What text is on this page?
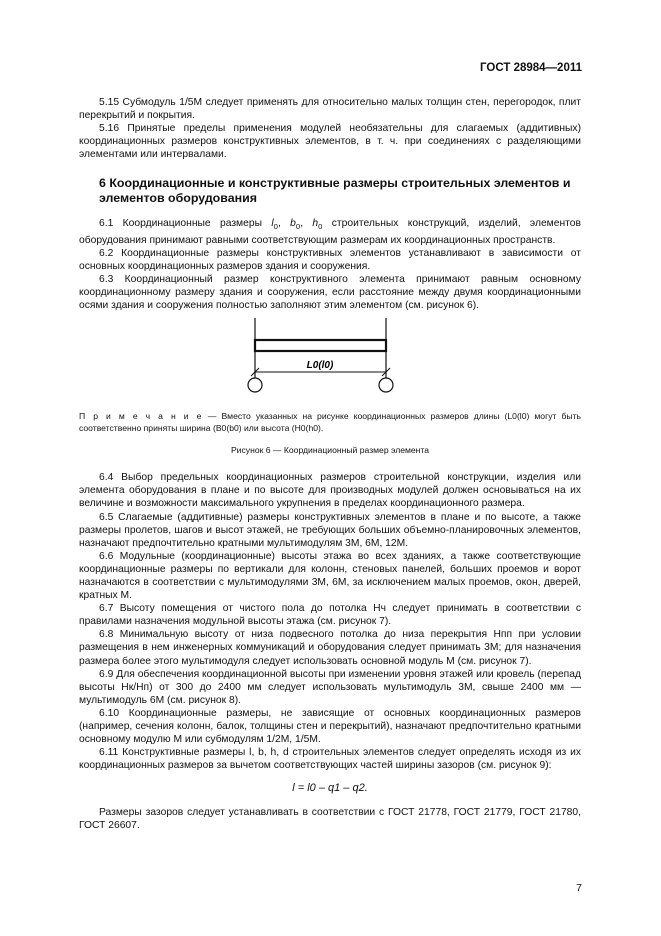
ГОСТ 28984—2011

5.15 Субмодуль 1/5М следует применять для относительно малых толщин стен, перегородок, плит перекрытий и покрытия.

5.16 Принятые пределы применения модулей необязательны для слагаемых (аддитивных) координационных размеров конструктивных элементов, в т. ч. при соединениях с разделяющими элементами или интервалами.

6 Координационные и конструктивные размеры строительных элементов и элементов оборудования

6.1 Координационные размеры $l_0$, $b_0$, $h_0$ строительных конструкций, изделий, элементов оборудования принимают равными соответствующим размерам их координационных пространств.

6.2 Координационные размеры конструктивных элементов устанавливают в зависимости от основных координационных размеров здания и сооружения.

6.3 Координационный размер конструктивного элемента принимают равным основному координационному размеру здания и сооружения, если расстояние между двумя координационными осями здания и сооружения полностью заполняют этим элементом (см. рисунок 6).

L0(l0)

П р и м е ч а н и е — Вместо указанных на рисунке координационных размеров длины (L0(l0) могут быть соответственно приняты ширина (B0(b0) или высота (H0(h0).

Рисунок 6 — Координационный размер элемента

6.4 Выбор предельных координационных размеров строительной конструкции, изделия или элемента оборудования в плане и по высоте для производных модулей должен основываться на их величине и возможности максимального укрупнения в пределах координационного размера.

6.5 Слагаемые (аддитивные) размеры конструктивных элементов в плане и по высоте, а также размеры пролетов, шагов и высот этажей, не требующих больших объемно-планировочных элементов, назначают предпочтительно кратными мультимодулям 3М, 6М, 12М.

6.6 Модульные (координационные) высоты этажа во всех зданиях, а также соответствующие координационные размеры по вертикали для колонн, стеновых панелей, больших проемов и ворот назначаются в соответствии с мультимодулями 3М, 6М, за исключением малых проемов, окон, дверей, кратных М.

6.7 Высоту помещения от чистого пола до потолка Hч следует принимать в соответствии с правилами назначения модульной высоты этажа (см. рисунок 7).

6.8 Минимальную высоту от низа подвесного потолка до низа перекрытия Hпп при условии размещения в нем инженерных коммуникаций и оборудования следует принимать 3М; для назначения размера более этого мультимодуля следует использовать основной модуль М (см. рисунок 7).

6.9 Для обеспечения координационной высоты при изменении уровня этажей или кровель (перепад высоты Hк/Hп) от 300 до 2400 мм следует использовать мультимодуль 3М, свыше 2400 мм — мультимодуль 6М (см. рисунок 8).

6.10 Координационные размеры, не зависящие от основных координационных размеров (например, сечения колонн, балок, толщины стен и перекрытий), назначают предпочтительно кратными основному модулю М или субмодулям 1/2М, 1/5М.

6.11 Конструктивные размеры l, b, h, d строительных элементов следует определять исходя из их координационных размеров за вычетом соответствующих частей ширины зазоров (см. рисунок 9):

l = l0 – q1 – q2.

Размеры зазоров следует устанавливать в соответствии с ГОСТ 21778, ГОСТ 21779, ГОСТ 21780, ГОСТ 26607.

7
